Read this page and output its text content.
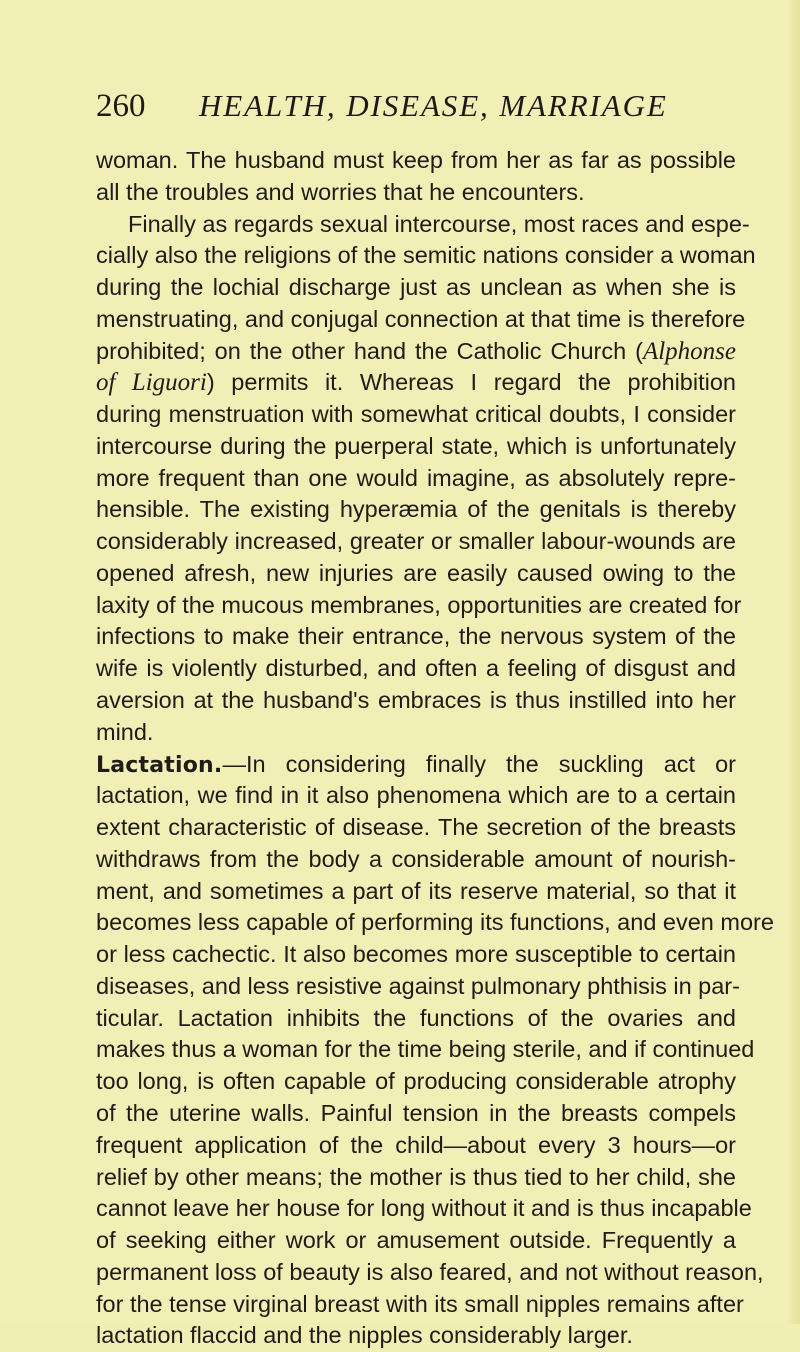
260 HEALTH, DISEASE, MARRIAGE
woman. The husband must keep from her as far as possible
all the troubles and worries that he encounters.
Finally as regards sexual intercourse, most races and espe-
cially also the religions of the semitic nations consider a woman
during the lochial discharge just as unclean as when she is
menstruating, and conjugal connection at that time is therefore
prohibited; on the other hand the Catholic Church (Alphonse
of Liguori) permits it. Whereas I regard the prohibition
during menstruation with somewhat critical doubts, I consider
intercourse during the puerperal state, which is unfortunately
more frequent than one would imagine, as absolutely repre-
hensible. The existing hyperæmia of the genitals is thereby
considerably increased, greater or smaller labour-wounds are
opened afresh, new injuries are easily caused owing to the
laxity of the mucous membranes, opportunities are created for
infections to make their entrance, the nervous system of the
wife is violently disturbed, and often a feeling of disgust and
aversion at the husband's embraces is thus instilled into her
mind.
Lactation.—In considering finally the suckling act or
lactation, we find in it also phenomena which are to a certain
extent characteristic of disease. The secretion of the breasts
withdraws from the body a considerable amount of nourish-
ment, and sometimes a part of its reserve material, so that it
becomes less capable of performing its functions, and even more
or less cachectic. It also becomes more susceptible to certain
diseases, and less resistive against pulmonary phthisis in par-
ticular. Lactation inhibits the functions of the ovaries and
makes thus a woman for the time being sterile, and if continued
too long, is often capable of producing considerable atrophy
of the uterine walls. Painful tension in the breasts compels
frequent application of the child—about every 3 hours—or
relief by other means; the mother is thus tied to her child, she
cannot leave her house for long without it and is thus incapable
of seeking either work or amusement outside. Frequently a
permanent loss of beauty is also feared, and not without reason,
for the tense virginal breast with its small nipples remains after
lactation flaccid and the nipples considerably larger.
